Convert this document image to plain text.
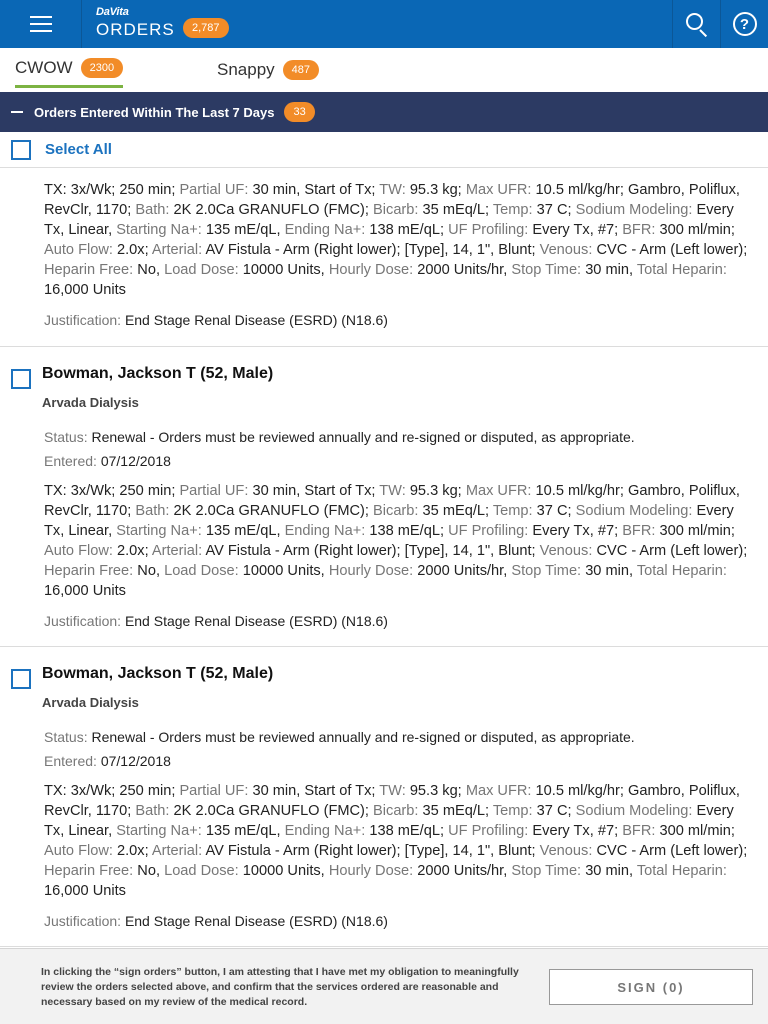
DaVita
ORDERS	2,787	?
CWOW	2300	Snappy	487
Orders Entered Within The Last 7 Days	33
Select All
TX: 3x/Wk; 250 min; Partial UF: 30 min, Start of Tx; TW: 95.3 kg; Max UFR: 10.5 ml/kg/hr; Gambro, Poliflux, RevClr, 1170; Bath: 2K 2.0Ca GRANUFLO (FMC); Bicarb: 35 mEq/L; Temp: 37 C; Sodium Modeling: Every Tx, Linear, Starting Na+: 135 mE/qL, Ending Na+: 138 mE/qL; UF Profiling: Every Tx, #7; BFR: 300 ml/min; Auto Flow: 2.0x; Arterial: AV Fistula - Arm (Right lower); [Type], 14, 1", Blunt; Venous: CVC - Arm (Left lower); Heparin Free: No, Load Dose: 10000 Units, Hourly Dose: 2000 Units/hr, Stop Time: 30 min, Total Heparin: 16,000 Units
Justification: End Stage Renal Disease (ESRD) (N18.6)
Bowman, Jackson T (52, Male)
Arvada Dialysis
Status: Renewal - Orders must be reviewed annually and re-signed or disputed, as appropriate.
Entered: 07/12/2018
TX: 3x/Wk; 250 min; Partial UF: 30 min, Start of Tx; TW: 95.3 kg; Max UFR: 10.5 ml/kg/hr; Gambro, Poliflux, RevClr, 1170; Bath: 2K 2.0Ca GRANUFLO (FMC); Bicarb: 35 mEq/L; Temp: 37 C; Sodium Modeling: Every Tx, Linear, Starting Na+: 135 mE/qL, Ending Na+: 138 mE/qL; UF Profiling: Every Tx, #7; BFR: 300 ml/min; Auto Flow: 2.0x; Arterial: AV Fistula - Arm (Right lower); [Type], 14, 1", Blunt; Venous: CVC - Arm (Left lower); Heparin Free: No, Load Dose: 10000 Units, Hourly Dose: 2000 Units/hr, Stop Time: 30 min, Total Heparin: 16,000 Units
Justification: End Stage Renal Disease (ESRD) (N18.6)
Bowman, Jackson T (52, Male)
Arvada Dialysis
Status: Renewal - Orders must be reviewed annually and re-signed or disputed, as appropriate.
Entered: 07/12/2018
TX: 3x/Wk; 250 min; Partial UF: 30 min, Start of Tx; TW: 95.3 kg; Max UFR: 10.5 ml/kg/hr; Gambro, Poliflux, RevClr, 1170; Bath: 2K 2.0Ca GRANUFLO (FMC); Bicarb: 35 mEq/L; Temp: 37 C; Sodium Modeling: Every Tx, Linear, Starting Na+: 135 mE/qL, Ending Na+: 138 mE/qL; UF Profiling: Every Tx, #7; BFR: 300 ml/min; Auto Flow: 2.0x; Arterial: AV Fistula - Arm (Right lower); [Type], 14, 1", Blunt; Venous: CVC - Arm (Left lower); Heparin Free: No, Load Dose: 10000 Units, Hourly Dose: 2000 Units/hr, Stop Time: 30 min, Total Heparin: 16,000 Units
Justification: End Stage Renal Disease (ESRD) (N18.6)
In clicking the “sign orders” button, I am attesting that I have met my obligation to meaningfully review the orders selected above, and confirm that the services ordered are reasonable and necessary based on my review of the medical record.
SIGN (0)
